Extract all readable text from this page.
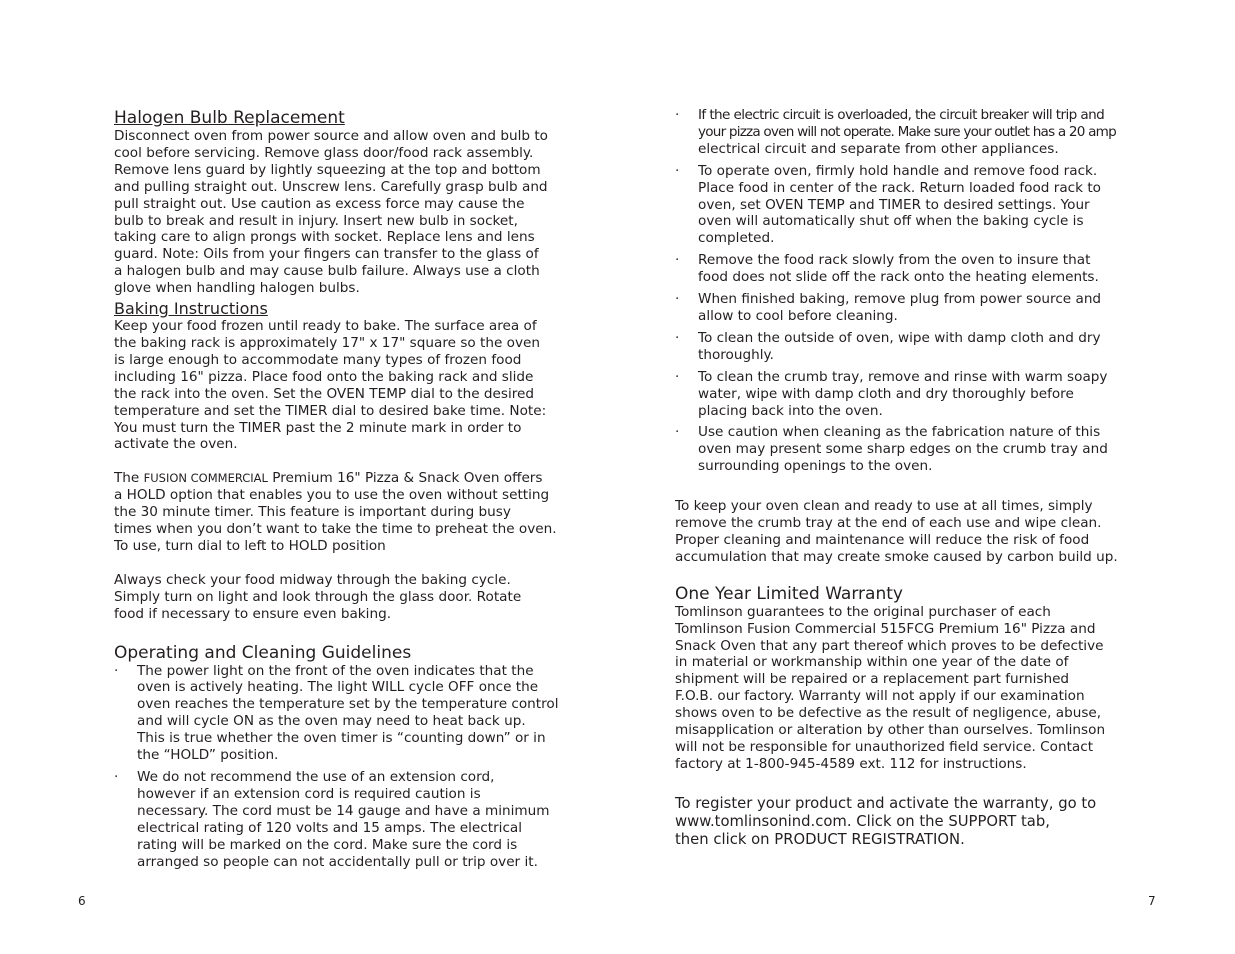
Halogen Bulb Replacement
Disconnect oven from power source and allow oven and bulb to
cool before servicing. Remove glass door/food rack assembly.
Remove lens guard by lightly squeezing at the top and bottom
and pulling straight out. Unscrew lens. Carefully grasp bulb and
pull straight out. Use caution as excess force may cause the
bulb to break and result in injury. Insert new bulb in socket,
taking care to align prongs with socket. Replace lens and lens
guard. Note: Oils from your fingers can transfer to the glass of
a halogen bulb and may cause bulb failure. Always use a cloth
glove when handling halogen bulbs.
Baking Instructions
Keep your food frozen until ready to bake. The surface area of
the baking rack is approximately 17" x 17" square so the oven
is large enough to accommodate many types of frozen food
including 16" pizza. Place food onto the baking rack and slide
the rack into the oven. Set the OVEN TEMP dial to the desired
temperature and set the TIMER dial to desired bake time. Note:
You must turn the TIMER past the 2 minute mark in order to
activate the oven.
The FUSION COMMERCIAL Premium 16" Pizza & Snack Oven offers
a HOLD option that enables you to use the oven without setting
the 30 minute timer. This feature is important during busy
times when you don’t want to take the time to preheat the oven.
To use, turn dial to left to HOLD position
Always check your food midway through the baking cycle.
Simply turn on light and look through the glass door. Rotate
food if necessary to ensure even baking.
Operating and Cleaning Guidelines
· The power light on the front of the oven indicates that the
oven is actively heating. The light WILL cycle OFF once the
oven reaches the temperature set by the temperature control
and will cycle ON as the oven may need to heat back up.
This is true whether the oven timer is “counting down” or in
the “HOLD” position.
· We do not recommend the use of an extension cord,
however if an extension cord is required caution is
necessary. The cord must be 14 gauge and have a minimum
electrical rating of 120 volts and 15 amps. The electrical
rating will be marked on the cord. Make sure the cord is
arranged so people can not accidentally pull or trip over it.
· If the electric circuit is overloaded, the circuit breaker will trip and
your pizza oven will not operate. Make sure your outlet has a 20 amp
electrical circuit and separate from other appliances.
· To operate oven, firmly hold handle and remove food rack.
Place food in center of the rack. Return loaded food rack to
oven, set OVEN TEMP and TIMER to desired settings. Your
oven will automatically shut off when the baking cycle is
completed.
· Remove the food rack slowly from the oven to insure that
food does not slide off the rack onto the heating elements.
· When finished baking, remove plug from power source and
allow to cool before cleaning.
· To clean the outside of oven, wipe with damp cloth and dry
thoroughly.
· To clean the crumb tray, remove and rinse with warm soapy
water, wipe with damp cloth and dry thoroughly before
placing back into the oven.
· Use caution when cleaning as the fabrication nature of this
oven may present some sharp edges on the crumb tray and
surrounding openings to the oven.
To keep your oven clean and ready to use at all times, simply
remove the crumb tray at the end of each use and wipe clean.
Proper cleaning and maintenance will reduce the risk of food
accumulation that may create smoke caused by carbon build up.
One Year Limited Warranty
Tomlinson guarantees to the original purchaser of each
Tomlinson Fusion Commercial 515FCG Premium 16" Pizza and
Snack Oven that any part thereof which proves to be defective
in material or workmanship within one year of the date of
shipment will be repaired or a replacement part furnished
F.O.B. our factory. Warranty will not apply if our examination
shows oven to be defective as the result of negligence, abuse,
misapplication or alteration by other than ourselves. Tomlinson
will not be responsible for unauthorized field service. Contact
factory at 1-800-945-4589 ext. 112 for instructions.
To register your product and activate the warranty, go to
www.tomlinsonind.com. Click on the SUPPORT tab,
then click on PRODUCT REGISTRATION.
6	7
